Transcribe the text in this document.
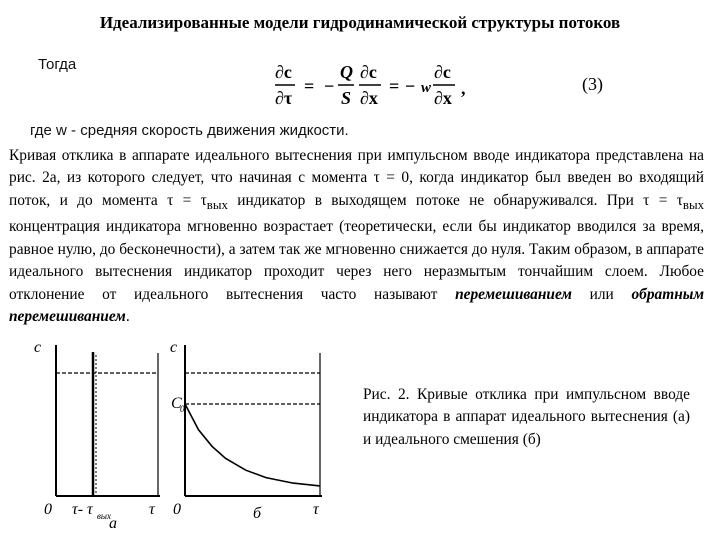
Идеализированные модели гидродинамической структуры потоков
Тогда	∂c
∂τ
= −
Q
S
∂c
∂x
= − w
∂c
∂x ,	(3)
где w - средняя скорость движения жидкости.
Кривая отклика в аппарате идеального вытеснения при импульсном вводе индикатора представлена на рис. 2а, из которого следует, что начиная с момента τ = 0, когда индикатор был введен во входящий поток, и до момента $\tau = \tau_{вых}$ индикатор в выходящем потоке не обнаруживался. При $\tau = \tau_{вых}$ концентрация индикатора мгновенно возрастает (теоретически, если бы индикатор вводился за время, равное нулю, до бесконечности), а затем так же мгновенно снижается до нуля. Таким образом, в аппарате идеального вытеснения индикатор проходит через него неразмытым тончайшим слоем. Любое отклонение от идеального вытеснения часто называют перемешиванием или обратным перемешиванием.
c
0 τ- τ вых τ
а
c
C
0
0	τ
б
Рис. 2. Кривые отклика при импульсном вводе индикатора в аппарат идеального вытеснения (а) и идеального смешения (б)
